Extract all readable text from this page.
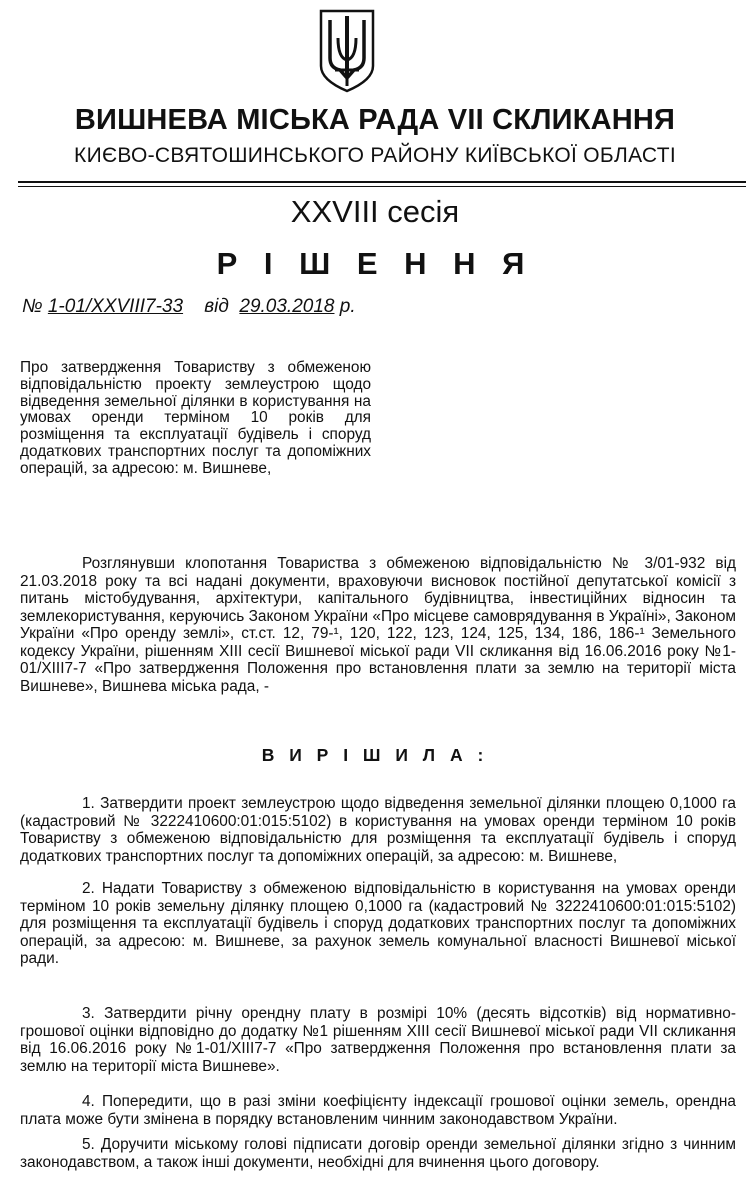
ВИШНЕВА МІСЬКА РАДА VII СКЛИКАННЯ
КИЄВО-СВЯТОШИНСЬКОГО РАЙОНУ КИЇВСЬКОЇ ОБЛАСТІ
XXVIII сесія
Р І Ш Е Н Н Я
№ 1-01/XXVIII7-33 від 29.03.2018 р.
Про затвердження Товариству з обмеженою відповідальністю проекту землеустрою щодо відведення земельної ділянки в користування на умовах оренди терміном 10 років для розміщення та експлуатації будівель і споруд додаткових транспортних послуг та допоміжних операцій, за адресою: м. Вишневе,

Розглянувши клопотання Товариства з обмеженою відповідальністю № 3/01-932 від 21.03.2018 року та всі надані документи, враховуючи висновок постійної депутатської комісії з питань містобудування, архітектури, капітального будівництва, інвестиційних відносин та землекористування, керуючись Законом України «Про місцеве самоврядування в Україні», Законом України «Про оренду землі», ст.ст. 12, 79-¹, 120, 122, 123, 124, 125, 134, 186, 186-¹ Земельного кодексу України, рішенням XIII сесії Вишневої міської ради VII скликання від 16.06.2016 року №1-01/XIII7-7 «Про затвердження Положення про встановлення плати за землю на території міста Вишневе», Вишнева міська рада, -

В И Р І Ш И Л А :

1. Затвердити проект землеустрою щодо відведення земельної ділянки площею 0,1000 га (кадастровий № 3222410600:01:015:5102) в користування на умовах оренди терміном 10 років Товариству з обмеженою відповідальністю для розміщення та експлуатації будівель і споруд додаткових транспортних послуг та допоміжних операцій, за адресою: м. Вишневе,

2. Надати Товариству з обмеженою відповідальністю в користування на умовах оренди терміном 10 років земельну ділянку площею 0,1000 га (кадастровий № 3222410600:01:015:5102) для розміщення та експлуатації будівель і споруд додаткових транспортних послуг та допоміжних операцій, за адресою: м. Вишневе, за рахунок земель комунальної власності Вишневої міської ради.

3. Затвердити річну орендну плату в розмірі 10% (десять відсотків) від нормативно-грошової оцінки відповідно до додатку №1 рішенням XIII сесії Вишневої міської ради VII скликання від 16.06.2016 року №1-01/XIII7-7 «Про затвердження Положення про встановлення плати за землю на території міста Вишневе».

4. Попередити, що в разі зміни коефіцієнту індексації грошової оцінки земель, орендна плата може бути змінена в порядку встановленим чинним законодавством України.

5. Доручити міському голові підписати договір оренди земельної ділянки згідно з чинним законодавством, а також інші документи, необхідні для вчинення цього договору.
